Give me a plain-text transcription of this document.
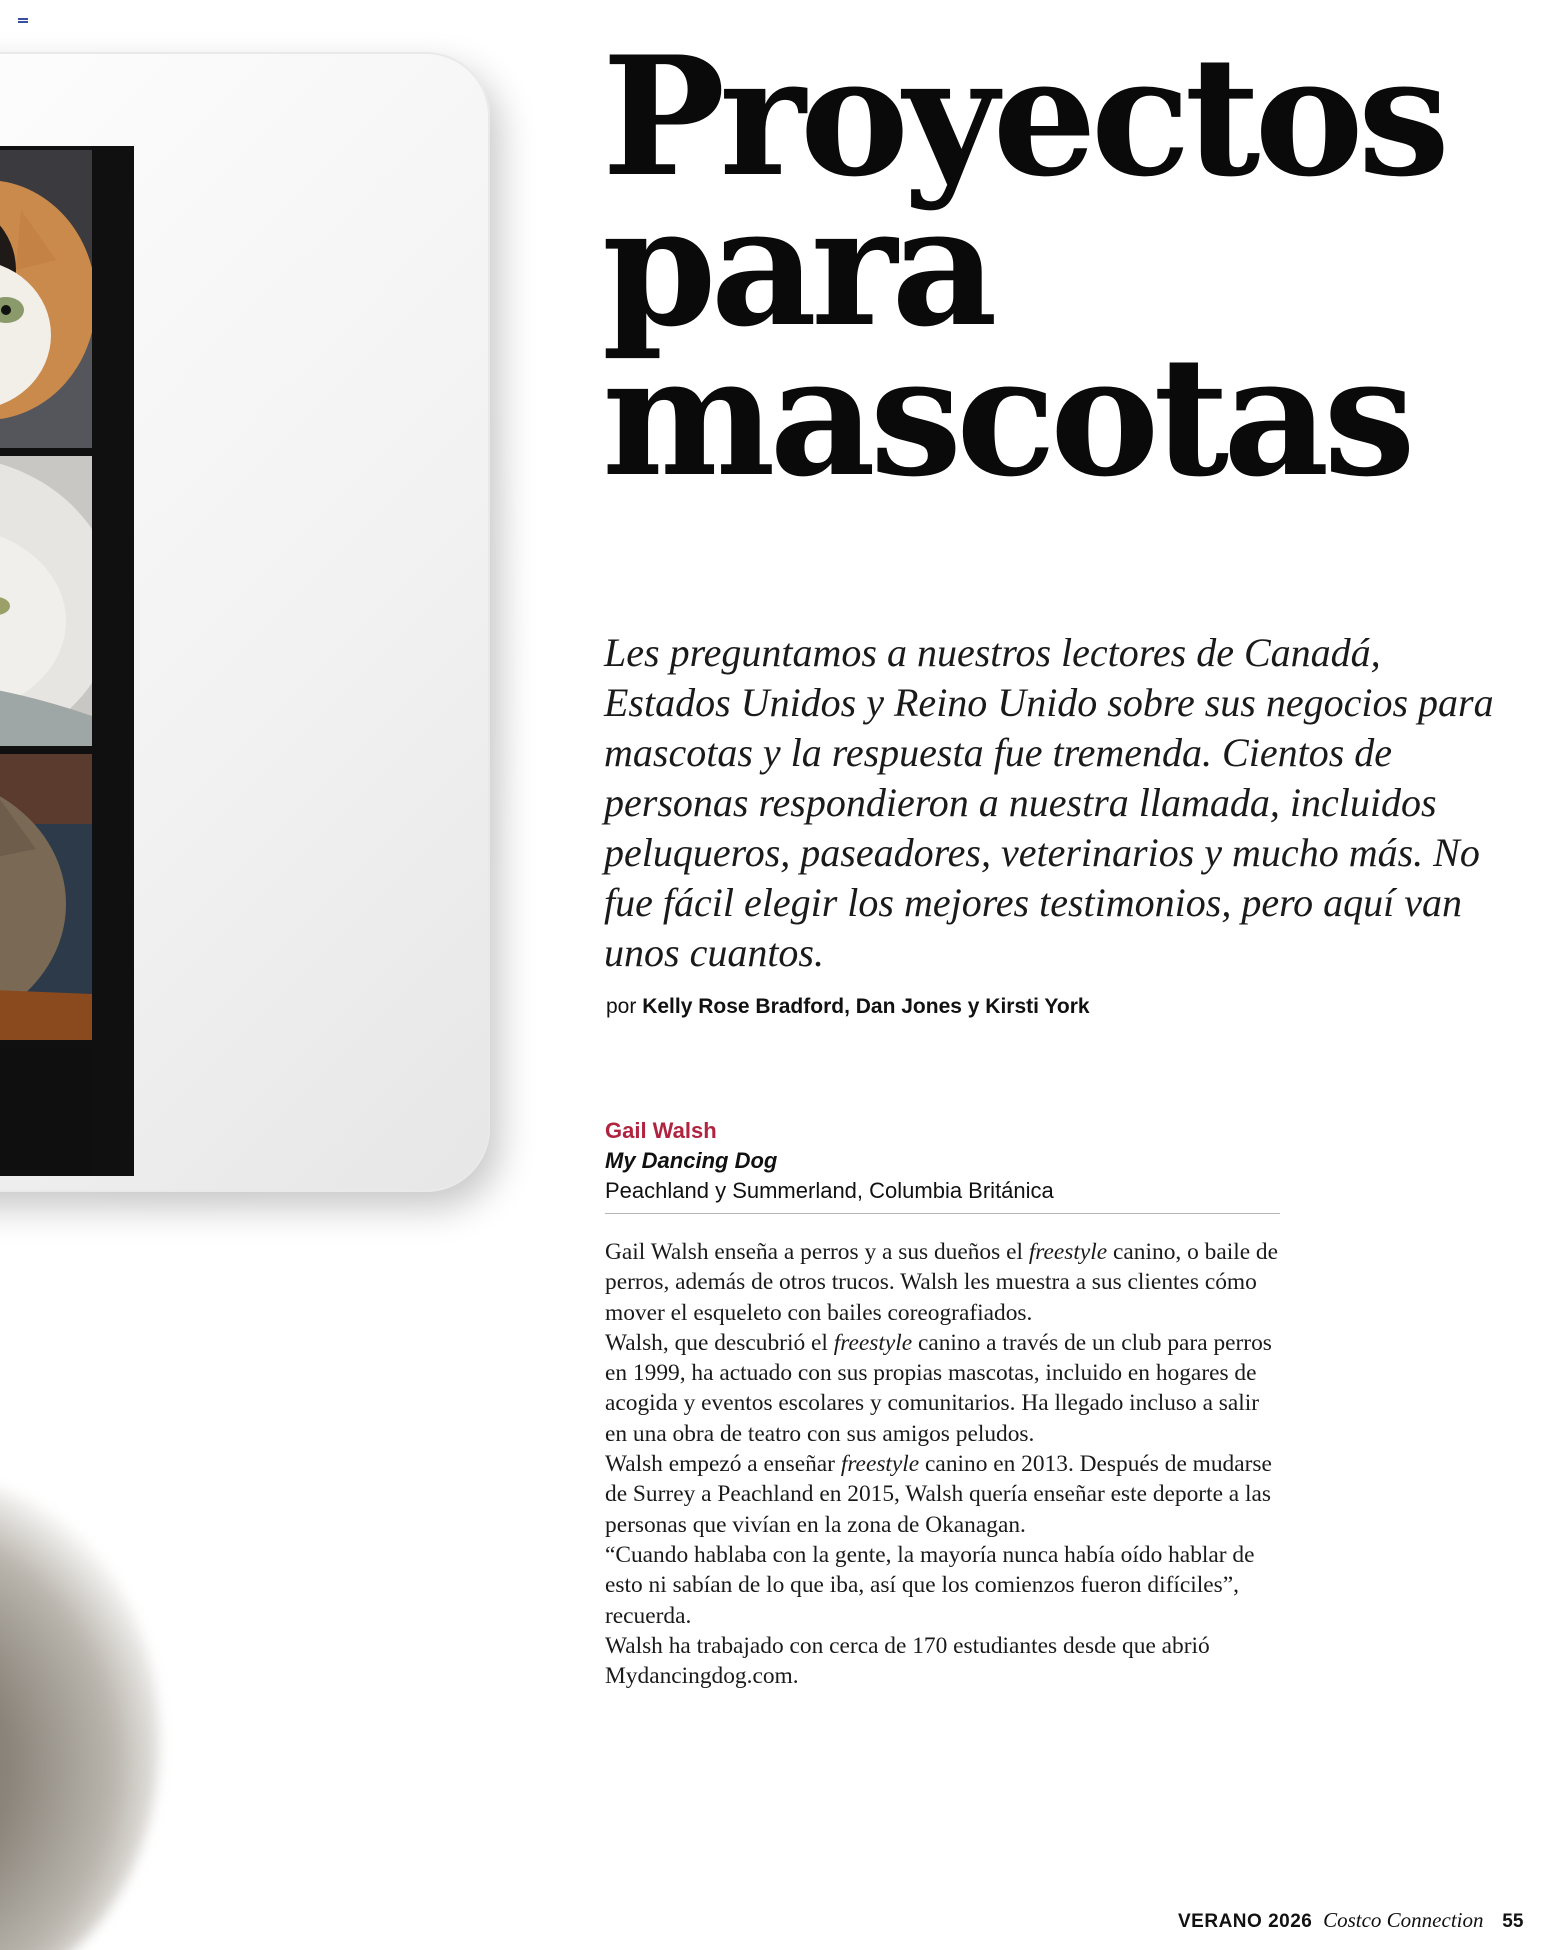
Proyectos
para
mascotas

Les preguntamos a nuestros lectores de Canadá, Estados Unidos y Reino Unido sobre sus negocios para mascotas y la respuesta fue tremenda. Cientos de personas respondieron a nuestra llamada, incluidos peluqueros, paseadores, veterinarios y mucho más. No fue fácil elegir los mejores testimonios, pero aquí van unos cuantos.

por Kelly Rose Bradford, Dan Jones y Kirsti York

Gail Walsh

My Dancing Dog

Peachland y Summerland, Columbia Británica

Gail Walsh enseña a perros y a sus dueños el freestyle canino, o baile de perros, además de otros trucos. Walsh les muestra a sus clientes cómo mover el esqueleto con bailes coreografiados.

Walsh, que descubrió el freestyle canino a través de un club para perros en 1999, ha actuado con sus propias mascotas, incluido en hogares de acogida y eventos escolares y comunitarios. Ha llegado incluso a salir en una obra de teatro con sus amigos peludos.

Walsh empezó a enseñar freestyle canino en 2013. Después de mudarse de Surrey a Peachland en 2015, Walsh quería enseñar este deporte a las personas que vivían en la zona de Okanagan.

“Cuando hablaba con la gente, la mayoría nunca había oído hablar de esto ni sabían de lo que iba, así que los comienzos fueron difíciles”, recuerda.

Walsh ha trabajado con cerca de 170 estudiantes desde que abrió Mydancingdog.com.

VERANO 2026 Costco Connection 55
